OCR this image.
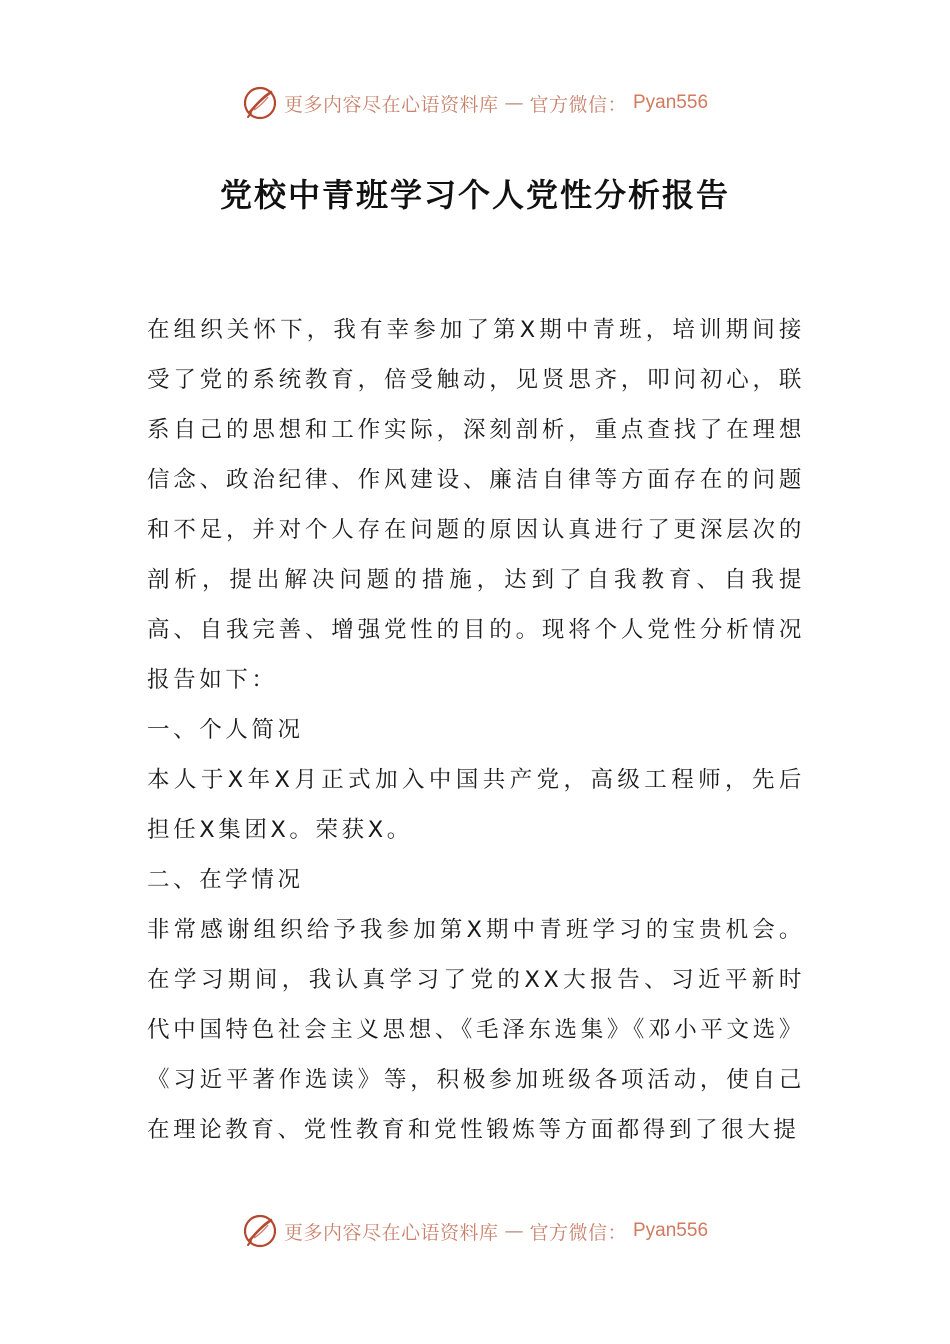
更多内容尽在心语资料库 — 官方微信： Pyan556
党校中青班学习个人党性分析报告

在组织关怀下，我有幸参加了第X期中青班，培训期间接受了党的系统教育，倍受触动，见贤思齐，叩问初心，联系自己的思想和工作实际，深刻剖析，重点查找了在理想信念、政治纪律、作风建设、廉洁自律等方面存在的问题和不足，并对个人存在问题的原因认真进行了更深层次的剖析，提出解决问题的措施，达到了自我教育、自我提高、自我完善、增强党性的目的。现将个人党性分析情况报告如下：

一、个人简况

本人于X年X月正式加入中国共产党，高级工程师，先后担任X集团X。荣获X。

二、在学情况

非常感谢组织给予我参加第X期中青班学习的宝贵机会。在学习期间，我认真学习了党的XX大报告、习近平新时代中国特色社会主义思想、《毛泽东选集》《邓小平文选》《习近平著作选读》等，积极参加班级各项活动，使自己在理论教育、党性教育和党性锻炼等方面都得到了很大提

更多内容尽在心语资料库 — 官方微信： Pyan556
